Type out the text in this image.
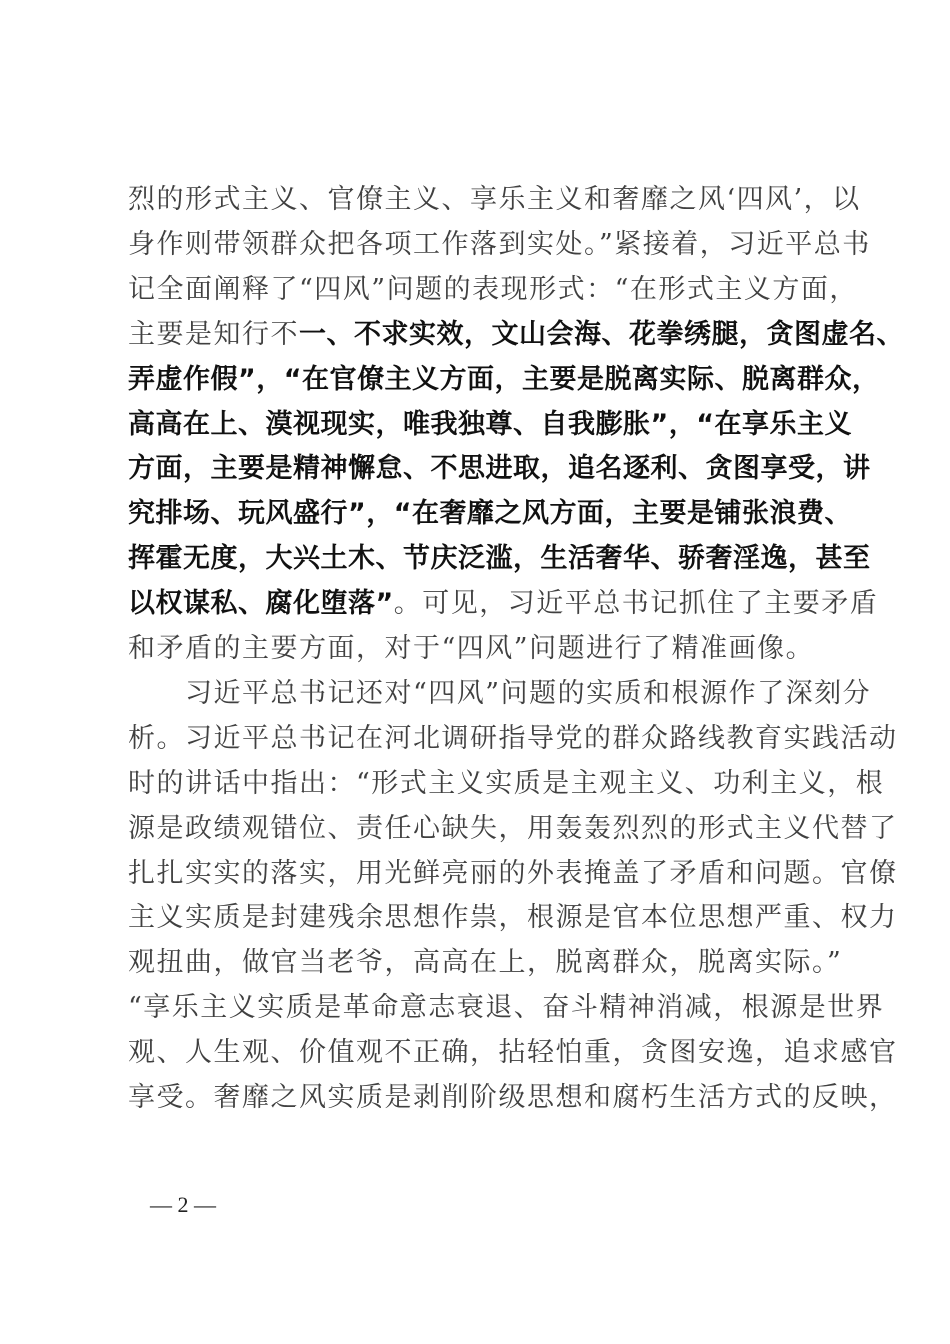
烈的形式主义、官僚主义、享乐主义和奢靡之风‘四风’，以
身作则带领群众把各项工作落到实处。”紧接着，习近平总书
记全面阐释了“四风”问题的表现形式：“在形式主义方面，
主要是知行不一、不求实效，文山会海、花拳绣腿，贪图虚名、
弄虚作假”，“在官僚主义方面，主要是脱离实际、脱离群众，
高高在上、漠视现实，唯我独尊、自我膨胀”，“在享乐主义
方面，主要是精神懈怠、不思进取，追名逐利、贪图享受，讲
究排场、玩风盛行”，“在奢靡之风方面，主要是铺张浪费、
挥霍无度，大兴土木、节庆泛滥，生活奢华、骄奢淫逸，甚至
以权谋私、腐化堕落”。可见，习近平总书记抓住了主要矛盾
和矛盾的主要方面，对于“四风”问题进行了精准画像。
　　习近平总书记还对“四风”问题的实质和根源作了深刻分
析。习近平总书记在河北调研指导党的群众路线教育实践活动
时的讲话中指出：“形式主义实质是主观主义、功利主义，根
源是政绩观错位、责任心缺失，用轰轰烈烈的形式主义代替了
扎扎实实的落实，用光鲜亮丽的外表掩盖了矛盾和问题。官僚
主义实质是封建残余思想作祟，根源是官本位思想严重、权力
观扭曲，做官当老爷，高高在上，脱离群众，脱离实际。”
“享乐主义实质是革命意志衰退、奋斗精神消减，根源是世界
观、人生观、价值观不正确，拈轻怕重，贪图安逸，追求感官
享受。奢靡之风实质是剥削阶级思想和腐朽生活方式的反映，
— 2 —
